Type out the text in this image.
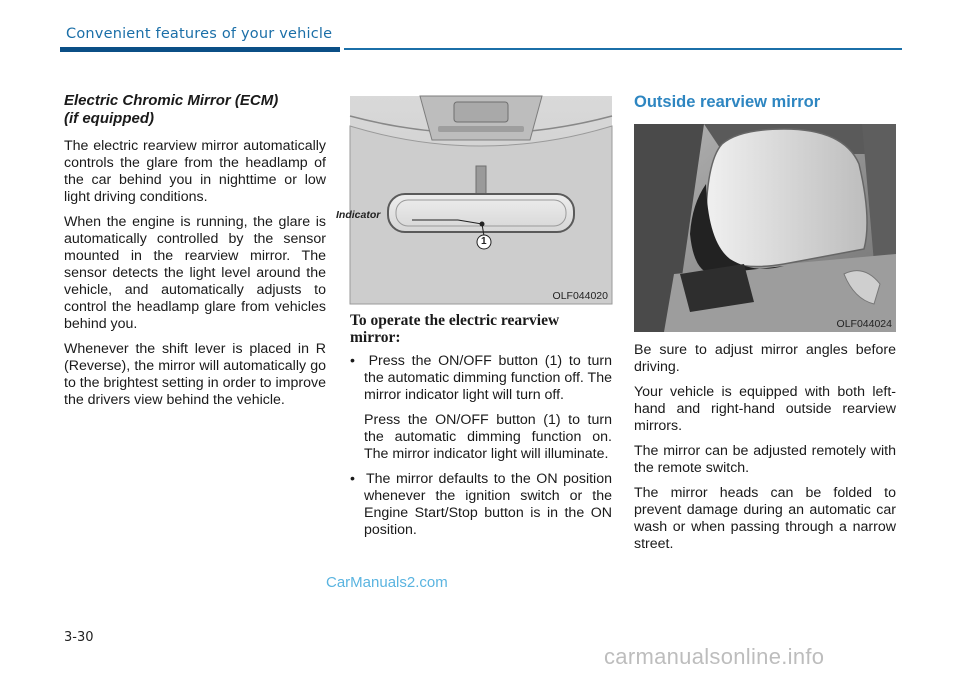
Convenient features of your vehicle
Electric Chromic Mirror (ECM)
(if equipped)

The electric rearview mirror automatically controls the glare from the headlamp of the car behind you in nighttime or low light driving conditions.

When the engine is running, the glare is automatically controlled by the sensor mounted in the rearview mirror. The sensor detects the light level around the vehicle, and automatically adjusts to control the headlamp glare from vehicles behind you.

Whenever the shift lever is placed in R (Reverse), the mirror will automatically go to the brightest setting in order to improve the drivers view behind the vehicle.

Indicator
1
OLF044020
To operate the electric rearview mirror:
•  Press the ON/OFF button (1) to turn the automatic dimming function off. The mirror indicator light will turn off.

Press the ON/OFF button (1) to turn the automatic dimming function on. The mirror indicator light will illuminate.

•  The mirror defaults to the ON position whenever the ignition switch or the Engine Start/Stop button is in the ON position.
Outside rearview mirror
OLF044024

Be sure to adjust mirror angles before driving.

Your vehicle is equipped with both left-hand and right-hand outside rearview mirrors.

The mirror can be adjusted remotely with the remote switch.

The mirror heads can be folded to prevent damage during an automatic car wash or when passing through a narrow street.

CarManuals2.com
3-30
carmanualsonline.info
